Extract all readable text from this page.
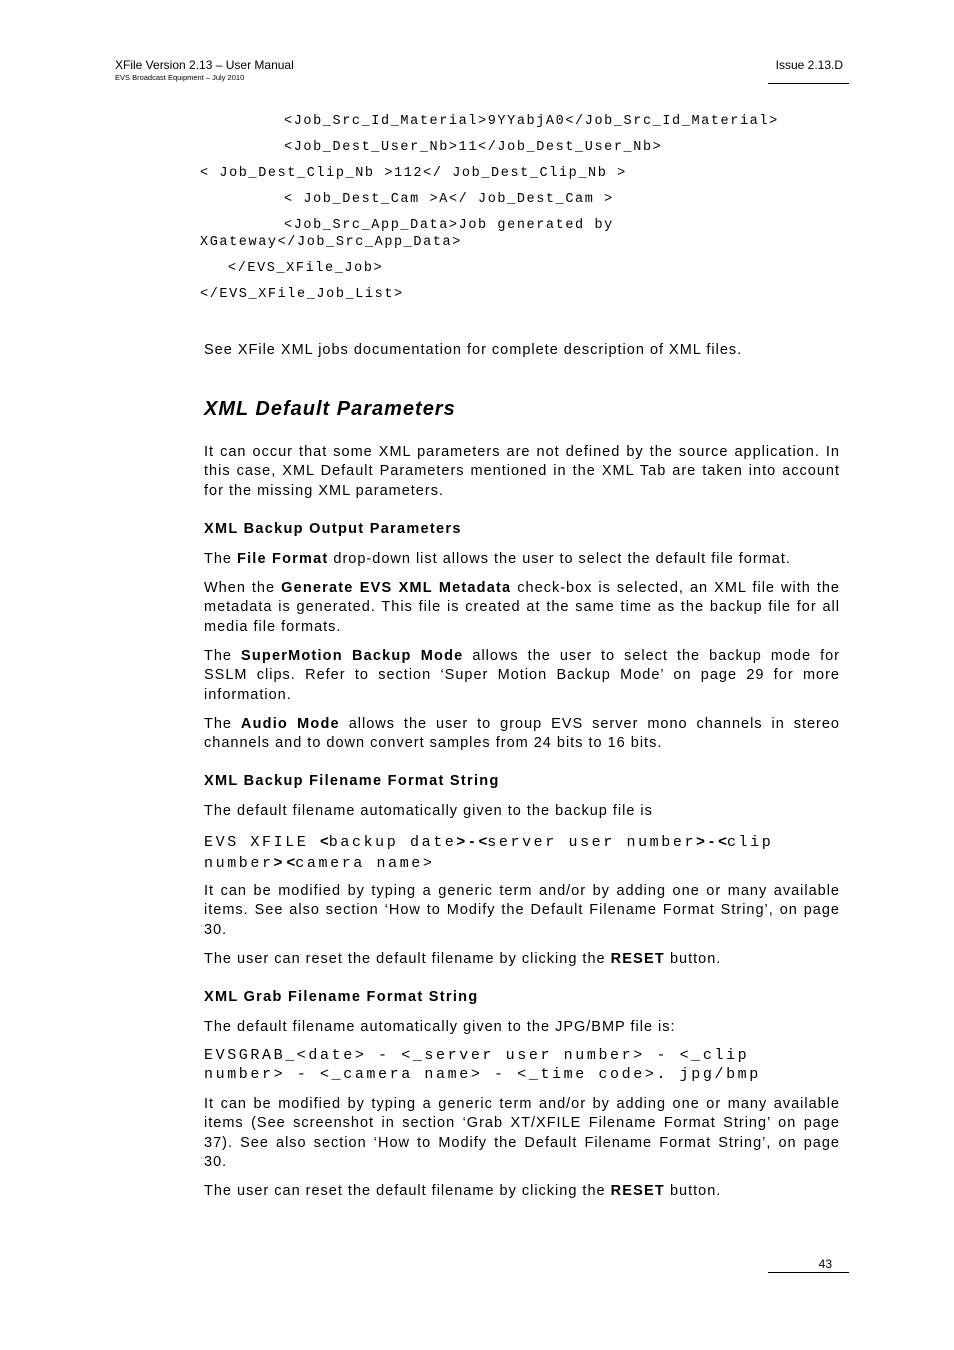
XFile Version 2.13 – User Manual
EVS Broadcast Equipment – July 2010
Issue 2.13.D
<Job_Src_Id_Material>9YYabjA0</Job_Src_Id_Material>
<Job_Dest_User_Nb>11</Job_Dest_User_Nb>
< Job_Dest_Clip_Nb >112</ Job_Dest_Clip_Nb >
< Job_Dest_Cam >A</ Job_Dest_Cam >
<Job_Src_App_Data>Job generated by
XGateway</Job_Src_App_Data>
</EVS_XFile_Job>
</EVS_XFile_Job_List>
See XFile XML jobs documentation for complete description of XML files.
XML Default Parameters
It can occur that some XML parameters are not defined by the source application. In this case, XML Default Parameters mentioned in the XML Tab are taken into account for the missing XML parameters.
XML Backup Output Parameters
The File Format drop-down list allows the user to select the default file format.
When the Generate EVS XML Metadata check-box is selected, an XML file with the metadata is generated. This file is created at the same time as the backup file for all media file formats.
The SuperMotion Backup Mode allows the user to select the backup mode for SSLM clips. Refer to section ‘Super Motion Backup Mode’ on page 29 for more information.
The Audio Mode allows the user to group EVS server mono channels in stereo channels and to down convert samples from 24 bits to 16 bits.
XML Backup Filename Format String
The default filename automatically given to the backup file is
EVS XFILE <backup date> - <server user number> - <clip
number> <camera name>
It can be modified by typing a generic term and/or by adding one or many available items. See also section ‘How to Modify the Default Filename Format String’, on page 30.
The user can reset the default filename by clicking the RESET button.
XML Grab Filename Format String
The default filename automatically given to the JPG/BMP file is:
EVSGRAB_<date> - <_server user number> - <_clip
number> - <_camera name> - <_time code>. jpg/bmp
It can be modified by typing a generic term and/or by adding one or many available items (See screenshot in section ‘Grab XT/XFILE Filename Format String’ on page 37). See also section ‘How to Modify the Default Filename Format String’, on page 30.
The user can reset the default filename by clicking the RESET button.
43
